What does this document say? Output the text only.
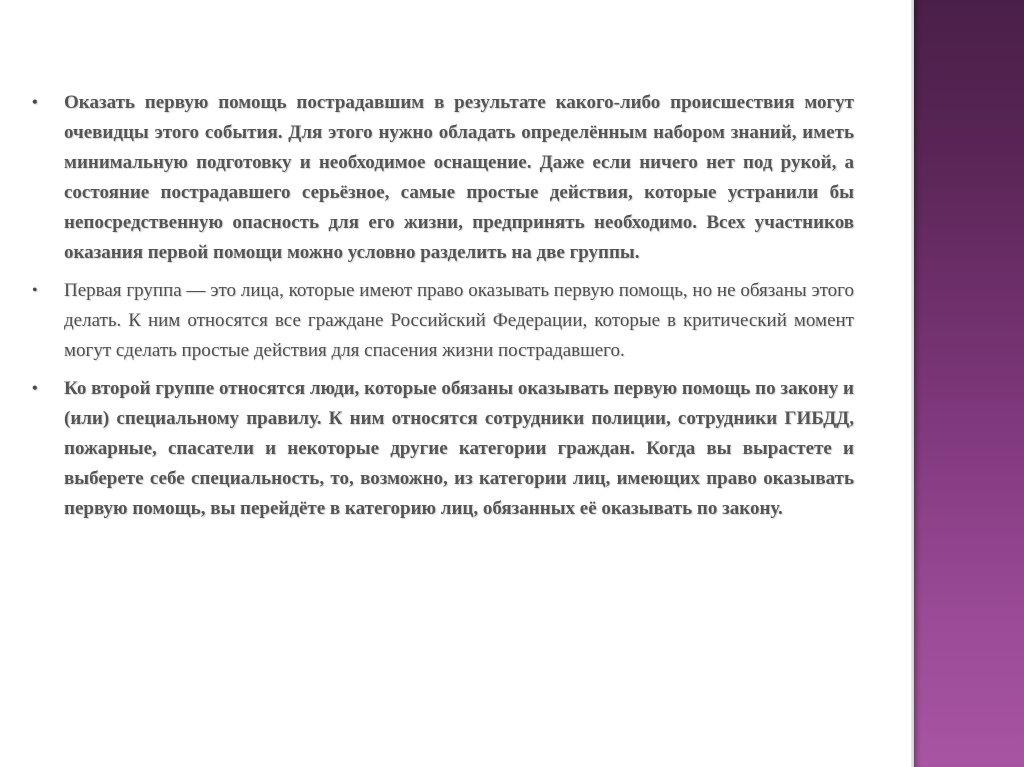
•	Оказать первую помощь пострадавшим в результате какого-либо происшествия могут очевидцы этого события. Для этого нужно обладать определённым набором знаний, иметь минимальную подготовку и необходимое оснащение. Даже если ничего нет под рукой, а состояние пострадавшего серьёзное, самые простые действия, которые устранили бы непосредственную опасность для его жизни, предпринять необходимо. Всех участников оказания первой помощи можно условно разделить на две группы.
•	Первая группа — это лица, которые имеют право оказывать первую помощь, но не обязаны этого делать. К ним относятся все граждане Российский Федерации, которые в критический момент могут сделать простые действия для спасения жизни пострадавшего.
•	Ко второй группе относятся люди, которые обязаны оказывать первую помощь по закону и (или) специальному правилу. К ним относятся сотрудники полиции, сотрудники ГИБДД, пожарные, спасатели и некоторые другие категории граждан. Когда вы вырастете и выберете себе специальность, то, возможно, из категории лиц, имеющих право оказывать первую помощь, вы перейдёте в категорию лиц, обязанных её оказывать по закону.
